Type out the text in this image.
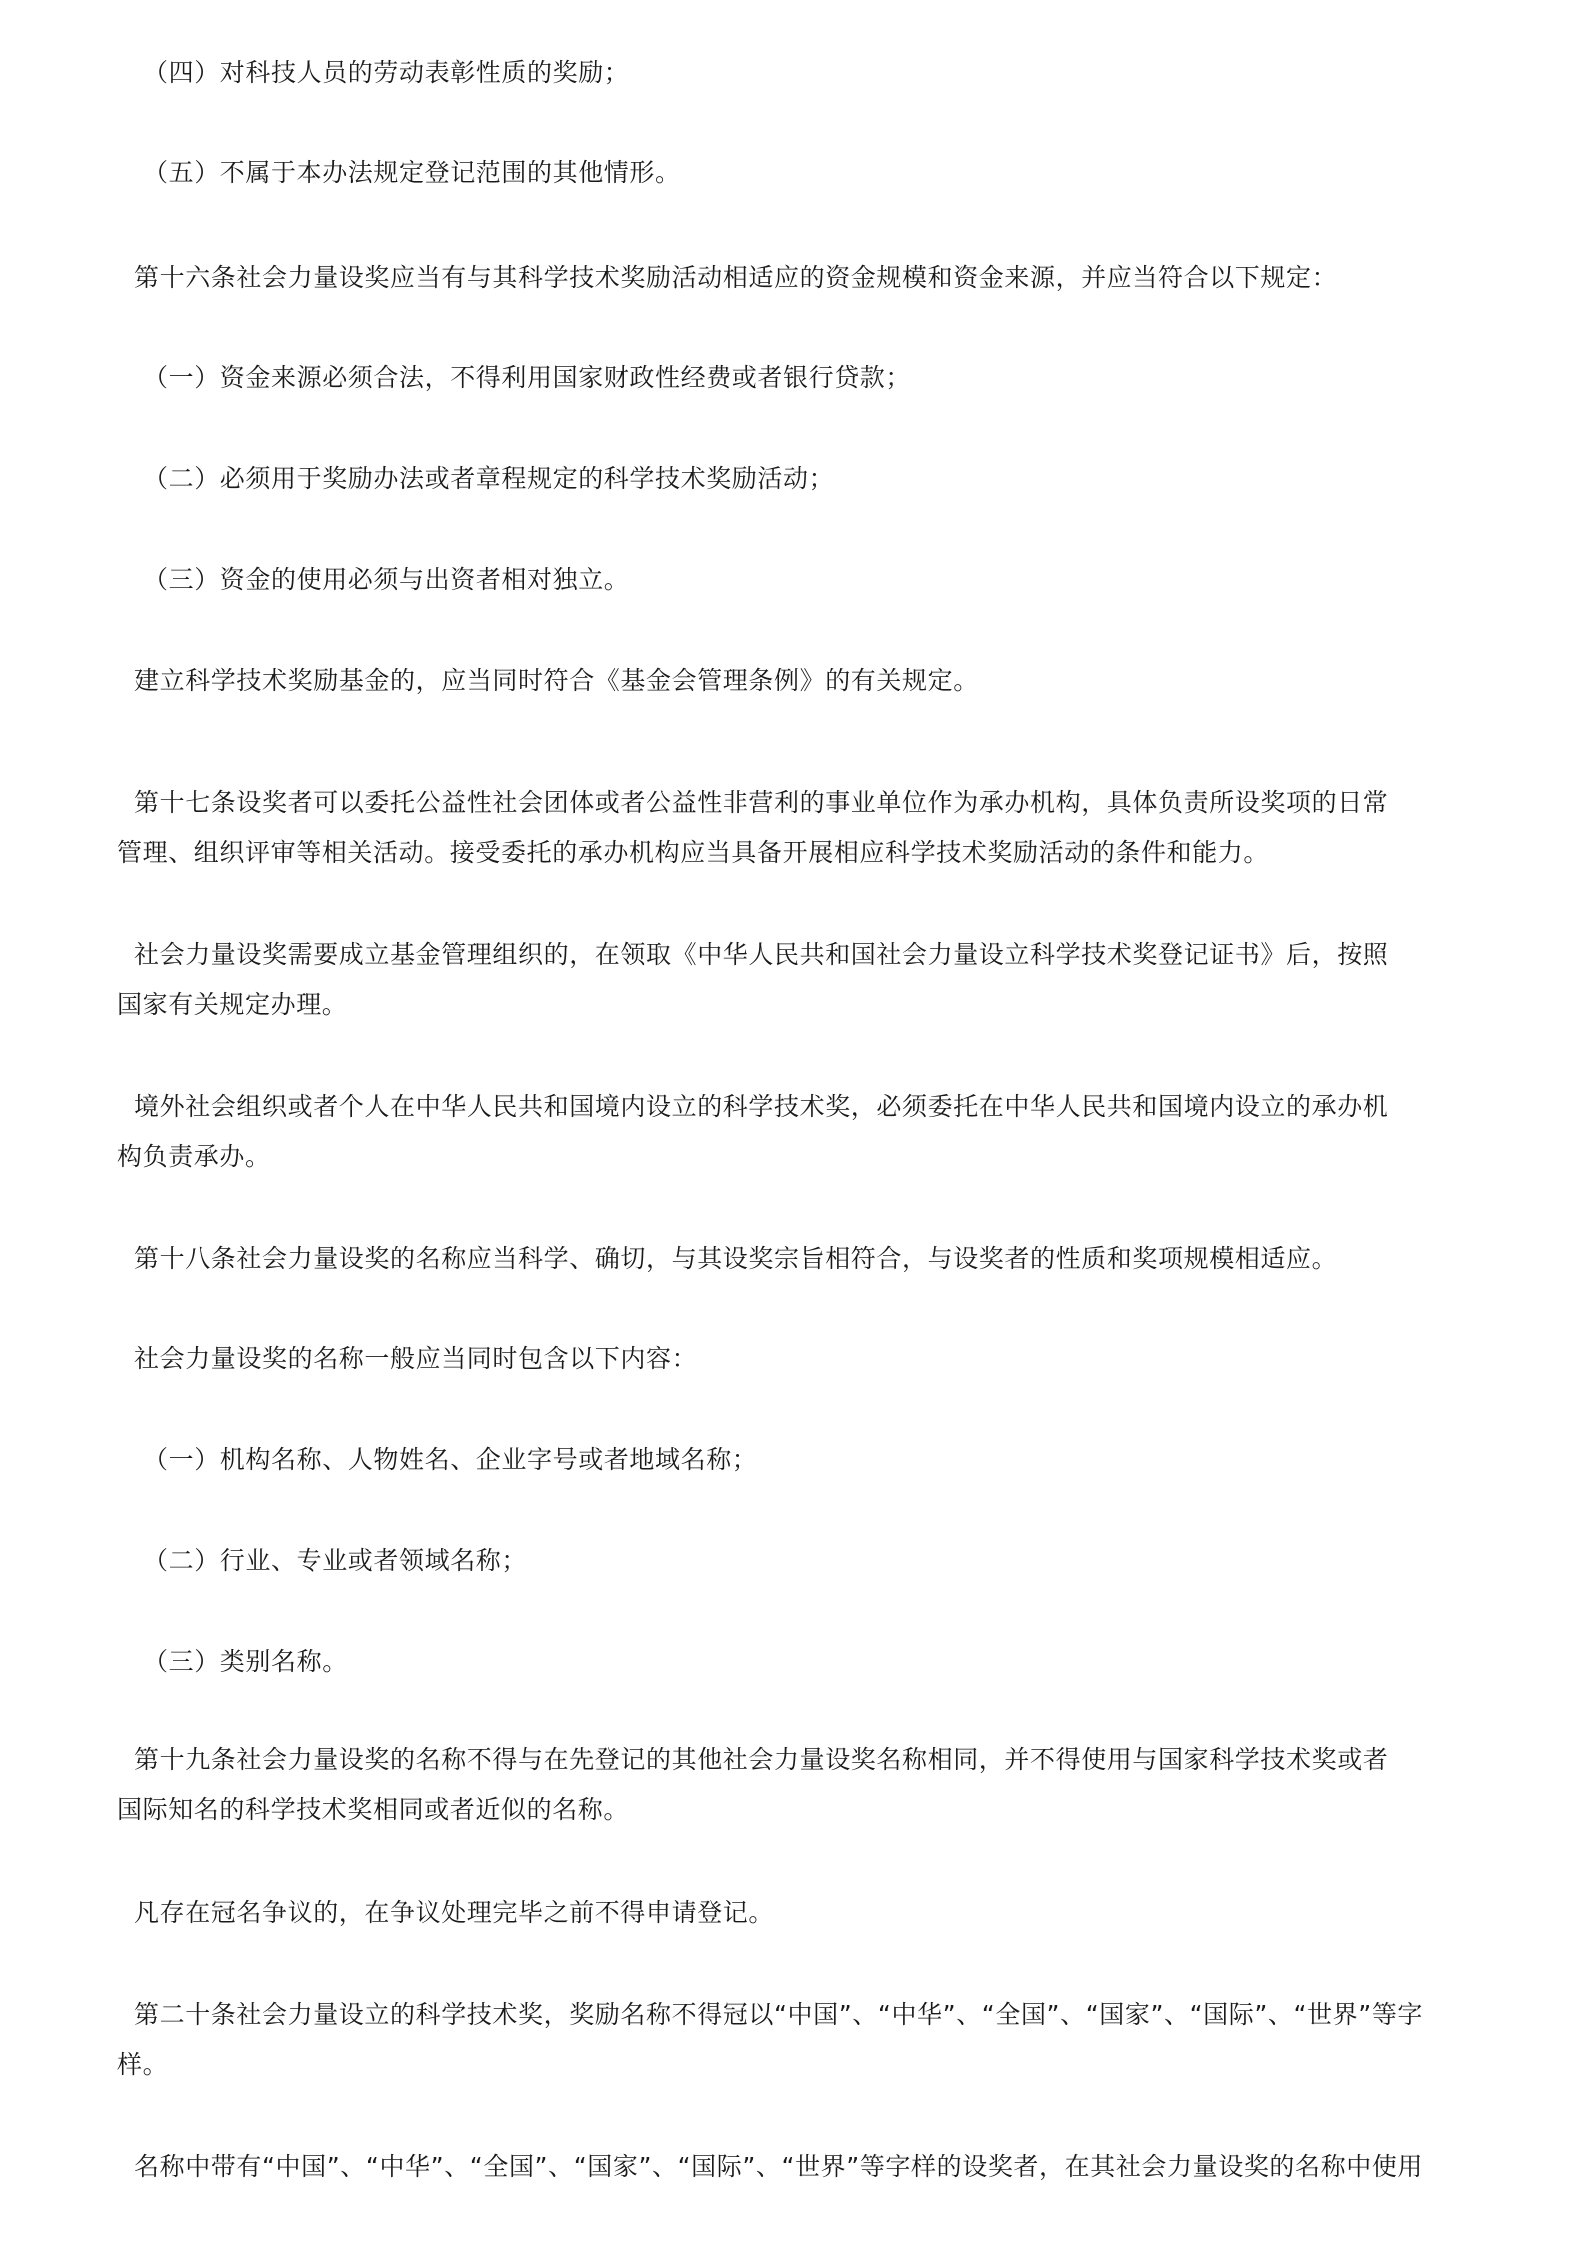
（四）对科技人员的劳动表彰性质的奖励；

（五）不属于本办法规定登记范围的其他情形。

第十六条社会力量设奖应当有与其科学技术奖励活动相适应的资金规模和资金来源，并应当符合以下规定：

（一）资金来源必须合法，不得利用国家财政性经费或者银行贷款；

（二）必须用于奖励办法或者章程规定的科学技术奖励活动；

（三）资金的使用必须与出资者相对独立。

建立科学技术奖励基金的，应当同时符合《基金会管理条例》的有关规定。

第十七条设奖者可以委托公益性社会团体或者公益性非营利的事业单位作为承办机构，具体负责所设奖项的日常
管理、组织评审等相关活动。接受委托的承办机构应当具备开展相应科学技术奖励活动的条件和能力。

社会力量设奖需要成立基金管理组织的，在领取《中华人民共和国社会力量设立科学技术奖登记证书》后，按照
国家有关规定办理。

境外社会组织或者个人在中华人民共和国境内设立的科学技术奖，必须委托在中华人民共和国境内设立的承办机
构负责承办。

第十八条社会力量设奖的名称应当科学、确切，与其设奖宗旨相符合，与设奖者的性质和奖项规模相适应。

社会力量设奖的名称一般应当同时包含以下内容：

（一）机构名称、人物姓名、企业字号或者地域名称；

（二）行业、专业或者领域名称；

（三）类别名称。

第十九条社会力量设奖的名称不得与在先登记的其他社会力量设奖名称相同，并不得使用与国家科学技术奖或者
国际知名的科学技术奖相同或者近似的名称。

凡存在冠名争议的，在争议处理完毕之前不得申请登记。

第二十条社会力量设立的科学技术奖，奖励名称不得冠以“中国”、“中华”、“全国”、“国家”、“国际”、“世界”等字
样。

名称中带有“中国”、“中华”、“全国”、“国家”、“国际”、“世界”等字样的设奖者，在其社会力量设奖的名称中使用
